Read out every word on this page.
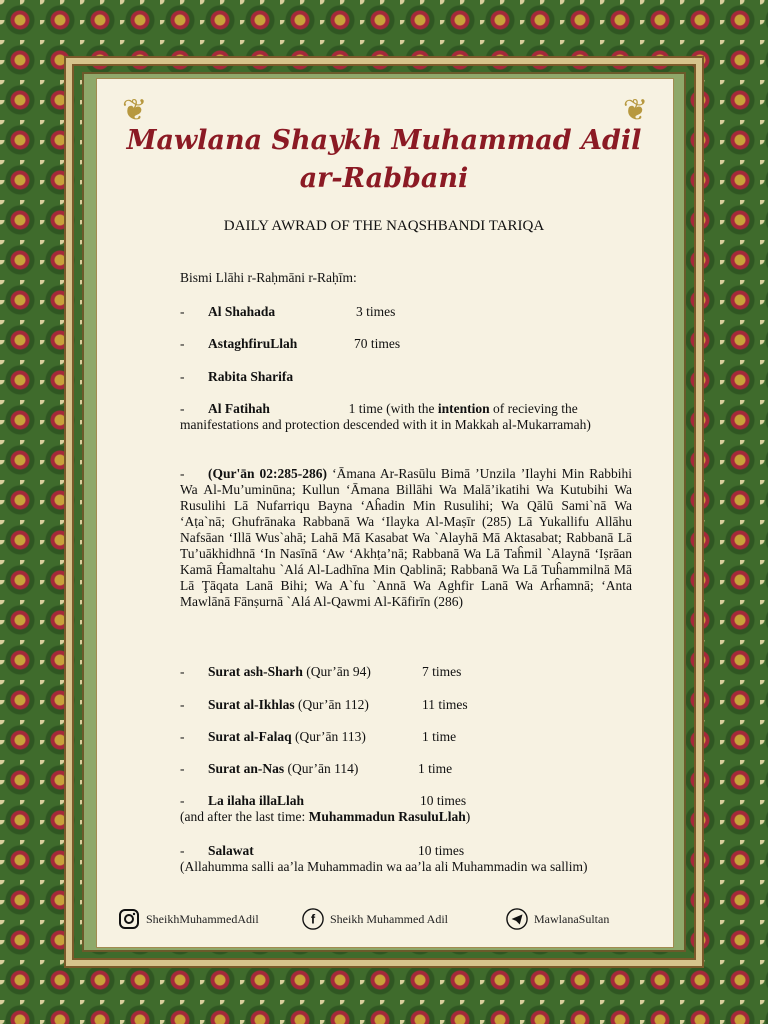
❦	❦
Mawlana Shaykh Muhammad Adil
ar-Rabbani
DAILY AWRAD OF THE NAQSHBANDI TARIQA
Bismi Llāhi r-Raḥmāni r-Raḥīm:
- Al Shahada	3 times
- AstaghfiruLlah	70 times
- Rabita Sharifa
- Al Fatihah	1 time (with the intention of recieving the manifestations and protection descended with it in Makkah al-Mukarramah)
- (Qur'ān 02:285-286) ‘Āmana Ar-Rasūlu Bimā ʼUnzila ʼIlayhi Min Rabbihi Wa Al-Mu’uminūna; Kullun ‘Āmana Billāhi Wa Malā’ikatihi Wa Kutubihi Wa Rusulihi Lā Nufarriqu Bayna ‘Aĥadin Min Rusulihi; Wa Qālū Sami`nā Wa ‘Aṭa`nā; Ghufrānaka Rabbanā Wa ‘Ilayka Al-Maṣīr (285) Lā Yukallifu Allāhu Nafsāan ‘Illā Wus`ahā; Lahā Mā Kasabat Wa `Alayhā Mā Aktasabat; Rabbanā Lā Tu’uākhidhnā ‘In Nasīnā ‘Aw ‘Akhṭa’nā; Rabbanā Wa Lā Taĥmil `Alaynā ‘Iṣrāan Kamā Ĥamaltahu `Alá Al-Ladhīna Min Qablinā; Rabbanā Wa Lā Tuĥammilnā Mā Lā Ţāqata Lanā Bihi; Wa A`fu `Annā Wa Aghfir Lanā Wa Arĥamnā; ‘Anta Mawlānā Fānṣurnā `Alá Al-Qawmi Al-Kāfirīn (286)
- Surat ash-Sharh (Qur’ān 94)	7 times
- Surat al-Ikhlas (Qur’ān 112)	11 times
- Surat al-Falaq (Qur’ān 113)	1 time
- Surat an-Nas (Qur’ān 114)	1 time
- La ilaha illaLlah	10 times

(and after the last time: Muhammadun RasuluLlah)
- Salawat	10 times

(Allahumma salli aa’la Muhammadin wa aa’la ali Muhammadin wa sallim)
SheikhMuhammedAdil	f Sheikh Muhammed Adil	MawlanaSultan
